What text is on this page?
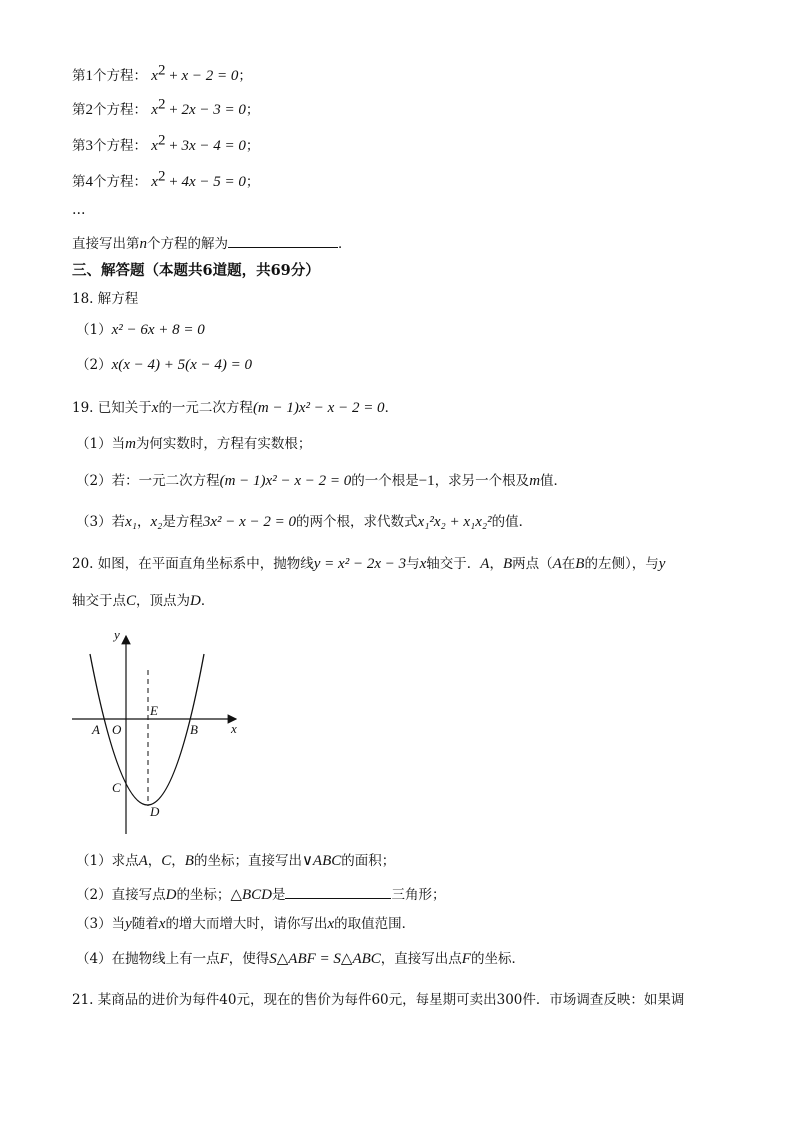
第1个方程： $x^2 + x - 2 = 0$；
第2个方程： $x^2 + 2x - 3 = 0$；
第3个方程： $x^2 + 3x - 4 = 0$；
第4个方程： $x^2 + 4x - 5 = 0$；
…
直接写出第n个方程的解为	．
三、解答题（本题共6道题，共69分）
18. 解方程
（1）x² − 6x + 8 = 0
（2）x(x − 4) + 5(x − 4) = 0
19. 已知关于x的一元二次方程(m − 1)x² − x − 2 = 0．
（1）当m为何实数时，方程有实数根；
（2）若：一元二次方程(m − 1)x² − x − 2 = 0的一个根是−1，求另一个根及m值．
（3）若x₁，x₂是方程3x² − x − 2 = 0的两个根，求代数式x₁²x₂ + x₁x₂²的值．
20. 如图，在平面直角坐标系中，抛物线y = x² − 2x − 3与x轴交于．A，B两点（A在B的左侧），与y
轴交于点C，顶点为D．
y
x
A O	B
E
C
D
（1）求点A，C，B的坐标；直接写出∨ABC的面积；
（2）直接写点D的坐标；△BCD是	三角形；
（3）当y随着x的增大而增大时，请你写出x的取值范围．
（4）在抛物线上有一点F，使得S△ABF = S△ABC，直接写出点F的坐标．
21. 某商品的进价为每件40元，现在的售价为每件60元，每星期可卖出300件．市场调查反映：如果调
